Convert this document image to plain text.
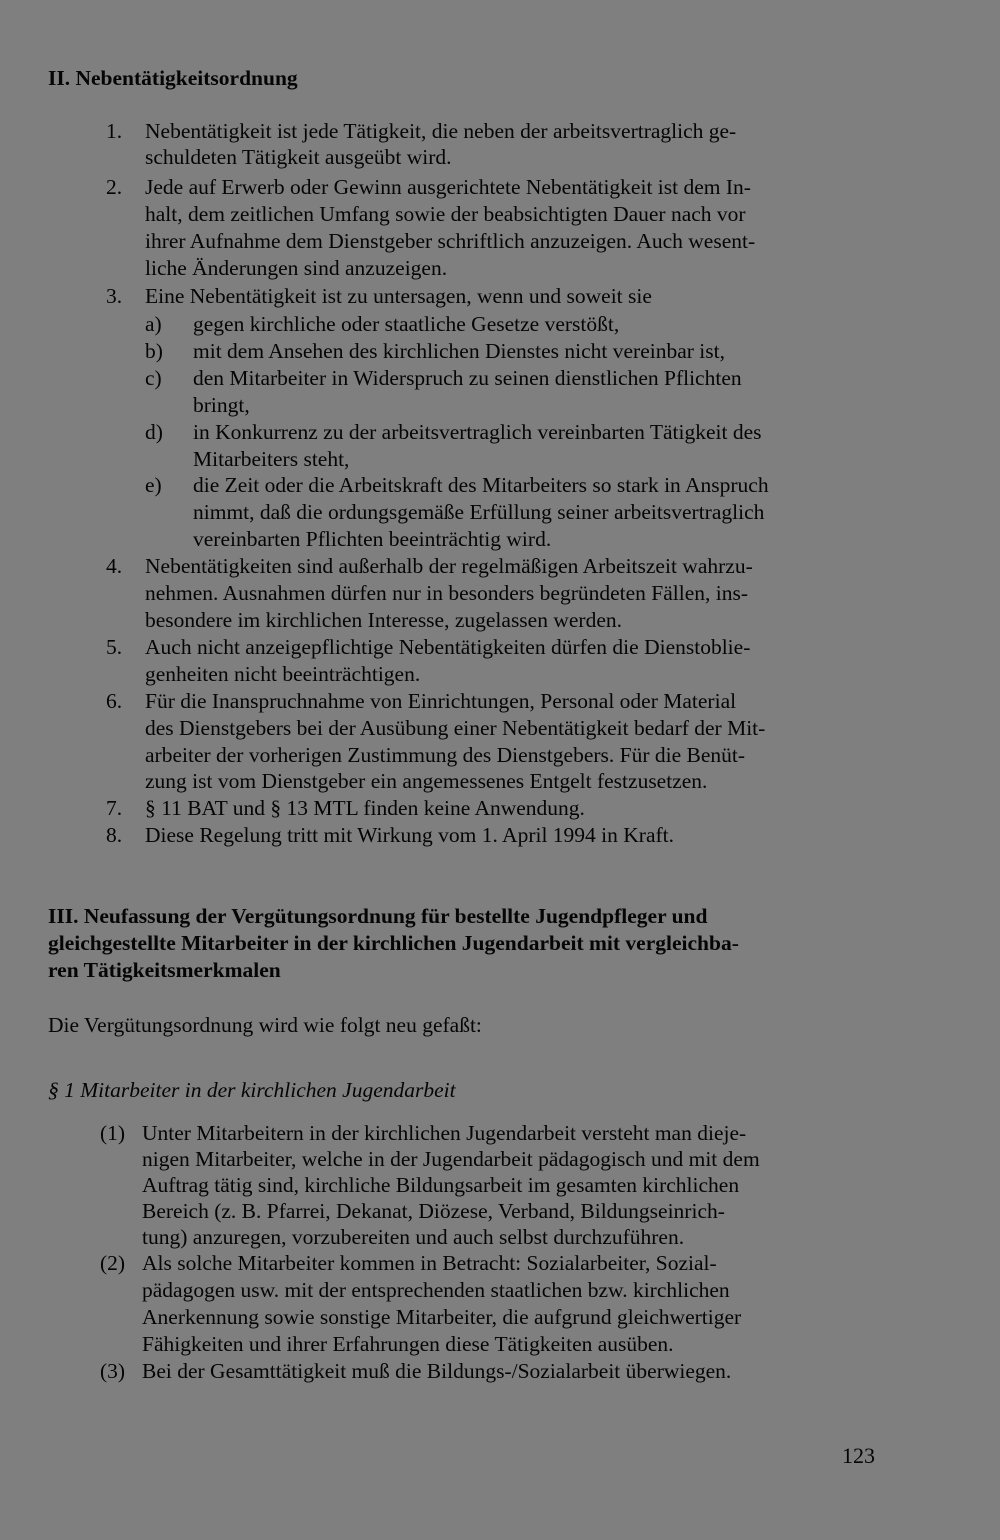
II. Nebentätigkeitsordnung
1. Nebentätigkeit ist jede Tätigkeit, die neben der arbeitsvertraglich ge-
schuldeten Tätigkeit ausgeübt wird.
2. Jede auf Erwerb oder Gewinn ausgerichtete Nebentätigkeit ist dem In-
halt, dem zeitlichen Umfang sowie der beabsichtigten Dauer nach vor
ihrer Aufnahme dem Dienstgeber schriftlich anzuzeigen. Auch wesent-
liche Änderungen sind anzuzeigen.
3. Eine Nebentätigkeit ist zu untersagen, wenn und soweit sie
a) gegen kirchliche oder staatliche Gesetze verstößt,
b) mit dem Ansehen des kirchlichen Dienstes nicht vereinbar ist,
c) den Mitarbeiter in Widerspruch zu seinen dienstlichen Pflichten
bringt,
d) in Konkurrenz zu der arbeitsvertraglich vereinbarten Tätigkeit des
Mitarbeiters steht,
e) die Zeit oder die Arbeitskraft des Mitarbeiters so stark in Anspruch
nimmt, daß die ordungsgemäße Erfüllung seiner arbeitsvertraglich
vereinbarten Pflichten beeinträchtig wird.
4. Nebentätigkeiten sind außerhalb der regelmäßigen Arbeitszeit wahrzu-
nehmen. Ausnahmen dürfen nur in besonders begründeten Fällen, ins-
besondere im kirchlichen Interesse, zugelassen werden.
5. Auch nicht anzeigepflichtige Nebentätigkeiten dürfen die Dienstoblie-
genheiten nicht beeinträchtigen.
6. Für die Inanspruchnahme von Einrichtungen, Personal oder Material
des Dienstgebers bei der Ausübung einer Nebentätigkeit bedarf der Mit-
arbeiter der vorherigen Zustimmung des Dienstgebers. Für die Benüt-
zung ist vom Dienstgeber ein angemessenes Entgelt festzusetzen.
7. § 11 BAT und § 13 MTL finden keine Anwendung.
8. Diese Regelung tritt mit Wirkung vom 1. April 1994 in Kraft.
III. Neufassung der Vergütungsordnung für bestellte Jugendpfleger und
gleichgestellte Mitarbeiter in der kirchlichen Jugendarbeit mit vergleichba-
ren Tätigkeitsmerkmalen
Die Vergütungsordnung wird wie folgt neu gefaßt:
§ 1 Mitarbeiter in der kirchlichen Jugendarbeit
(1) Unter Mitarbeitern in der kirchlichen Jugendarbeit versteht man dieje-
nigen Mitarbeiter, welche in der Jugendarbeit pädagogisch und mit dem
Auftrag tätig sind, kirchliche Bildungsarbeit im gesamten kirchlichen
Bereich (z. B. Pfarrei, Dekanat, Diözese, Verband, Bildungseinrich-
tung) anzuregen, vorzubereiten und auch selbst durchzuführen.
(2) Als solche Mitarbeiter kommen in Betracht: Sozialarbeiter, Sozial-
pädagogen usw. mit der entsprechenden staatlichen bzw. kirchlichen
Anerkennung sowie sonstige Mitarbeiter, die aufgrund gleichwertiger
Fähigkeiten und ihrer Erfahrungen diese Tätigkeiten ausüben.
(3) Bei der Gesamttätigkeit muß die Bildungs-/Sozialarbeit überwiegen.
123
